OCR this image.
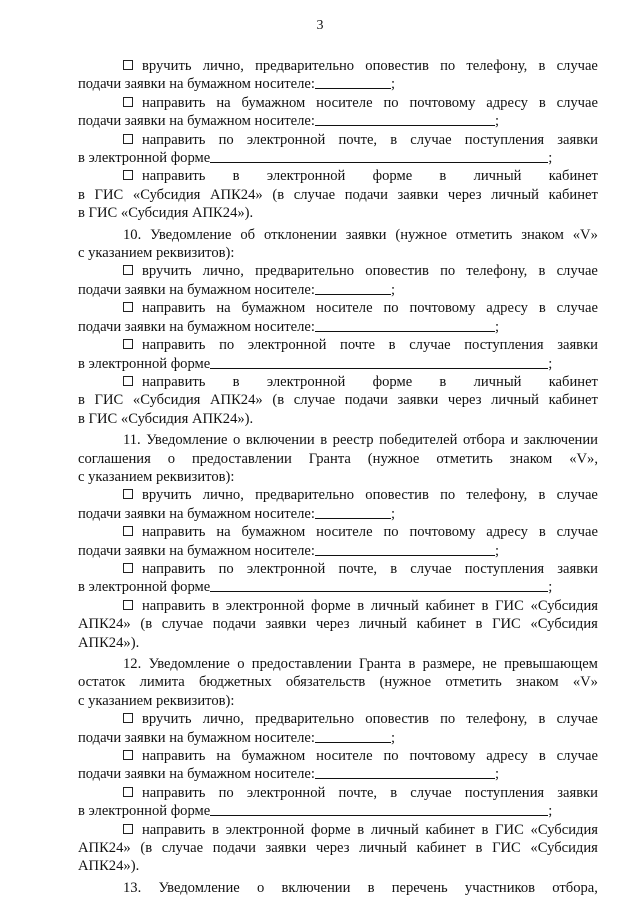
3
вручить лично, предварительно оповестив по телефону, в случае
подачи заявки на бумажном носителе:	;
направить на бумажном носителе по почтовому адресу в случае
подачи заявки на бумажном носителе:	;
направить по электронной почте, в случае поступления заявки
в электронной форме	;
направить в электронной форме в личный кабинет
в ГИС «Субсидия АПК24» (в случае подачи заявки через личный кабинет
в ГИС «Субсидия АПК24»).
10. Уведомление об отклонении заявки (нужное отметить знаком «V»
с указанием реквизитов):
вручить лично, предварительно оповестив по телефону, в случае
подачи заявки на бумажном носителе:	;
направить на бумажном носителе по почтовому адресу в случае
подачи заявки на бумажном носителе:	;
направить по электронной почте в случае поступления заявки
в электронной форме	;
направить в электронной форме в личный кабинет
в ГИС «Субсидия АПК24» (в случае подачи заявки через личный кабинет
в ГИС «Субсидия АПК24»).
11. Уведомление о включении в реестр победителей отбора и заключении
соглашения о предоставлении Гранта (нужное отметить знаком «V»,
с указанием реквизитов):
вручить лично, предварительно оповестив по телефону, в случае
подачи заявки на бумажном носителе:	;
направить на бумажном носителе по почтовому адресу в случае
подачи заявки на бумажном носителе:	;
направить по электронной почте, в случае поступления заявки
в электронной форме	;
направить в электронной форме в личный кабинет в ГИС «Субсидия
АПК24» (в случае подачи заявки через личный кабинет в ГИС «Субсидия
АПК24»).
12. Уведомление о предоставлении Гранта в размере, не превышающем
остаток лимита бюджетных обязательств (нужное отметить знаком «V»
с указанием реквизитов):
вручить лично, предварительно оповестив по телефону, в случае
подачи заявки на бумажном носителе:	;
направить на бумажном носителе по почтовому адресу в случае
подачи заявки на бумажном носителе:	;
направить по электронной почте, в случае поступления заявки
в электронной форме	;
направить в электронной форме в личный кабинет в ГИС «Субсидия
АПК24» (в случае подачи заявки через личный кабинет в ГИС «Субсидия
АПК24»).
13. Уведомление о включении в перечень участников отбора,
